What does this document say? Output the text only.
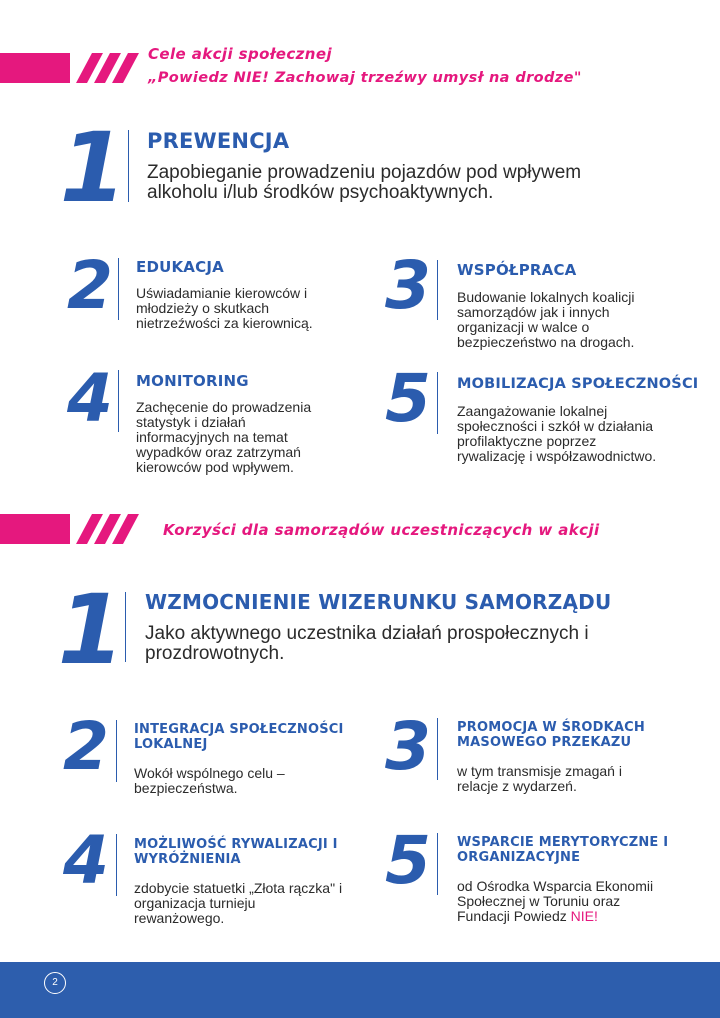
Cele akcji społecznej
„Powiedz NIE! Zachowaj trzeźwy umysł na drodze"
1 PREWENCJA
Zapobieganie prowadzeniu pojazdów pod wpływem
alkoholu i/lub środków psychoaktywnych.
2	EDUKACJA
Uświadamianie kierowców i
młodzieży o skutkach
nietrzeźwości za kierownicą. 3	WSPÓŁPRACA
Budowanie lokalnych koalicji
samorządów jak i innych
organizacji w walce o
bezpieczeństwo na drogach.
4	MONITORING
Zachęcenie do prowadzenia
statystyk i działań
informacyjnych na temat
wypadków oraz zatrzymań
kierowców pod wpływem.
5	MOBILIZACJA SPOŁECZNOŚCI
Zaangażowanie lokalnej
społeczności i szkół w działania
profilaktyczne poprzez
rywalizację i współzawodnictwo.
Korzyści dla samorządów uczestniczących w akcji
1 WZMOCNIENIE WIZERUNKU SAMORZĄDU
Jako aktywnego uczestnika działań prospołecznych i
prozdrowotnych.
2	INTEGRACJA SPOŁECZNOŚCI
LOKALNEJ
Wokół wspólnego celu –
bezpieczeństwa.
3	PROMOCJA W ŚRODKACH
MASOWEGO PRZEKAZU
w tym transmisje zmagań i
relacje z wydarzeń.
4	MOŻLIWOŚĆ RYWALIZACJI I
WYRÓŻNIENIA
zdobycie statuetki „Złota rączka" i
organizacja turnieju
rewanżowego.
5	WSPARCIE MERYTORYCZNE I
ORGANIZACYJNE
od Ośrodka Wsparcia Ekonomii
Społecznej w Toruniu oraz
Fundacji Powiedz NIE!
2
